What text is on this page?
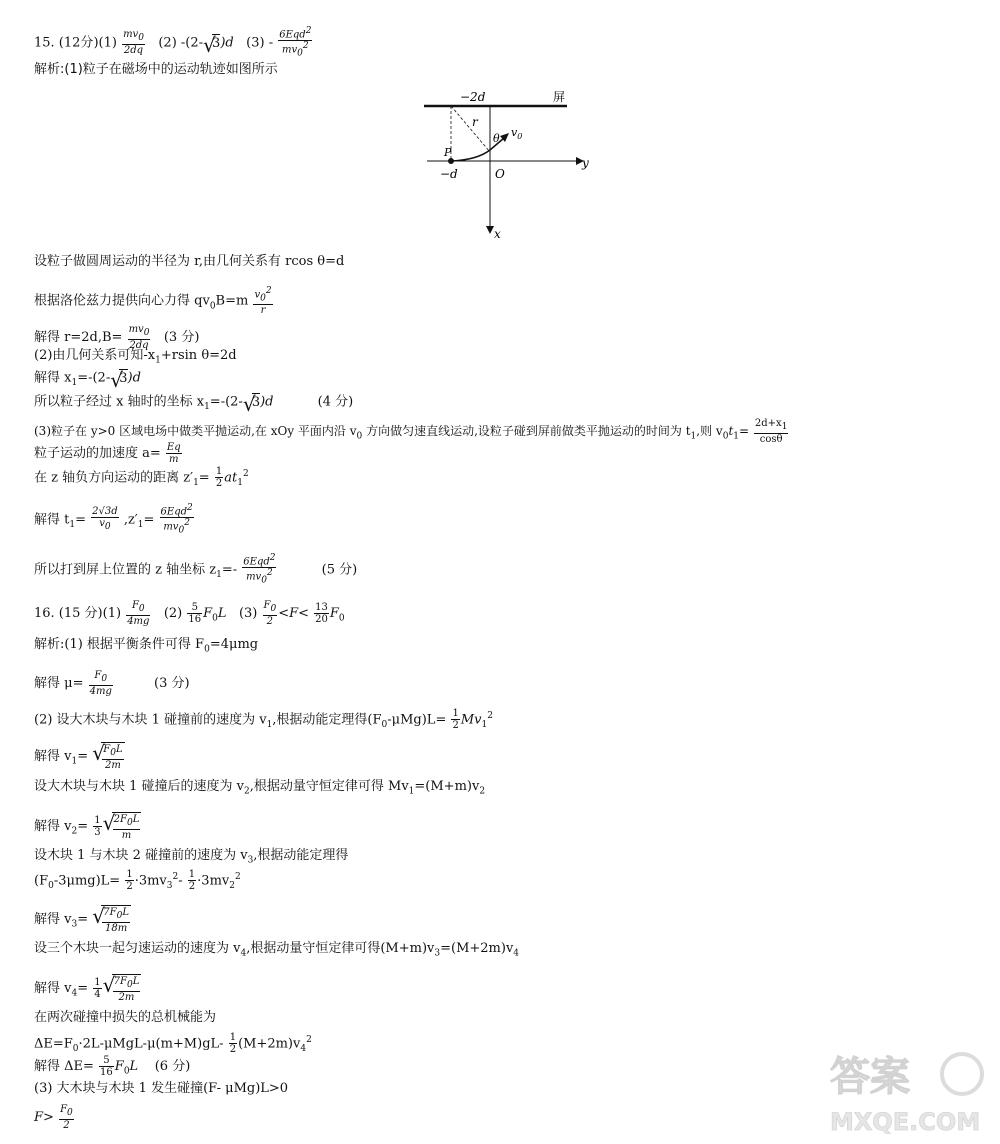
15. (12分)$(1) \frac{mv_0}{2dq} (2)$ -(2-√ 3)d $(3) - \frac{6Eqd^2}{mv_0^2}$
解析:(1)粒子在磁场中的运动轨迹如图所示
−2d	屏
r
θ $v_0$
P
y
−d	O
x
设粒子做圆周运动的半径为 r,由几何关系有 rcos θ=d
根据洛伦兹力提供向心力得 $qv_0B=m \frac{v_0^2}{r}$
解得 $r=2d,B= \frac{mv_0}{2dq} (3$ 分)
(2)由几何关系可知$-x_1+rsin$ θ=2d
解得 $x_1=-(2-√$ 3)d
所以粒子经过 x 轴时的坐标 $x_1=-(2-√$ 3)d	(4 分)
(3)粒子在 y>0 区域电场中做类平抛运动,在 xOy 平面内沿 $v_0$ 方向做匀速直线运动,设粒子碰到屏前做类平抛运动的时间为 $t_1$,则 $v_0t_1= \frac{2d+x_1}{\cos\theta}$
粒子运动的加速度 $a= \frac{Eq}{m}$
在 z 轴负方向运动的距离 $z'_1= \frac{1}{2} at_1^2$
解得 $t_1= \frac{2√3d}{v_0} ,z'_1= \frac{6Eqd^2}{mv_0^2}$
所以打到屏上位置的 z 轴坐标 $z_1=- \frac{6Eqd^2}{mv_0^2}$	(5 分)
16. (15 分)$(1) \frac{F_0}{4mg} (2) \frac{5}{16} F_0L$ $(3) \frac{F_0}{2} <F< \frac{13}{20} F_0$
解析:(1) 根据平衡条件可得 $F_0=4\mu mg$
解得 $\mu= \frac{F_0}{4mg}$	(3 分)
(2) 设大木块与木块 1 碰撞前的速度为 $v_1$,根据动能定理得$(F_0-\mu Mg)L= \frac{1}{2} Mv_1^2$
解得 $v_1=$
√ $\frac{F_0L}{2m}$
设大木块与木块 1 碰撞后的速度为 $v_2$,根据动量守恒定律可得 $Mv_1=(M+m)v_2$
解得 $v_2= \frac{1}{3}$
√ $\frac{2F_0L}{m}$
设木块 1 与木块 2 碰撞前的速度为 $v_3$,根据动能定理得
$(F_0-3\mu mg)L= \frac{1}{2} \cdot 3mv_3^2- \frac{1}{2} \cdot 3mv_2^2$
解得 $v_3=$
√ $\frac{7F_0L}{18m}$
设三个木块一起匀速运动的速度为 $v_4$,根据动量守恒定律可得$(M+m)v_3=(M+2m)v_4$
解得 $v_4= \frac{1}{4}$
√ $\frac{7F_0L}{2m}$
在两次碰撞中损失的总机械能为
$\Delta E=F_0\cdot 2L-\mu MgL-\mu(m+M)gL- \frac{1}{2} (M+2m)v_4^2$
解得 $\Delta E= \frac{5}{16} F_0L$ (6 分)
(3) 大木块与木块 1 发生碰撞(F- μMg)L>0
$F> \frac{F_0}{2}$
答案
MXQE.COM
